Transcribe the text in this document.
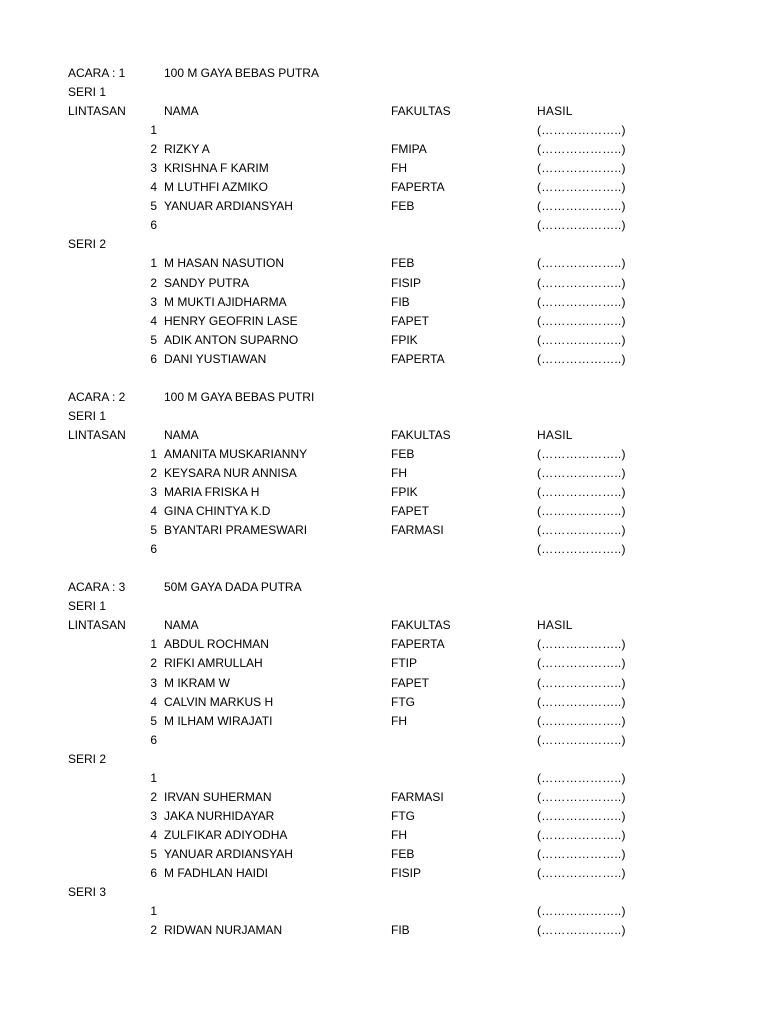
ACARA : 1	100 M GAYA BEBAS PUTRA
SERI 1
LINTASAN	NAMA	FAKULTAS	HASIL
1	(………………..)
2 RIZKY A	FMIPA	(………………..)
3 KRISHNA F KARIM	FH	(………………..)
4 M LUTHFI AZMIKO	FAPERTA	(………………..)
5 YANUAR ARDIANSYAH	FEB	(………………..)
6	(………………..)
SERI 2
1 M HASAN NASUTION	FEB	(………………..)
2 SANDY PUTRA	FISIP	(………………..)
3 M MUKTI AJIDHARMA	FIB	(………………..)
4 HENRY GEOFRIN LASE	FAPET	(………………..)
5 ADIK ANTON SUPARNO	FPIK	(………………..)
6 DANI YUSTIAWAN	FAPERTA	(………………..)
ACARA : 2	100 M GAYA BEBAS PUTRI
SERI 1
LINTASAN	NAMA	FAKULTAS	HASIL
1 AMANITA MUSKARIANNY	FEB	(………………..)
2 KEYSARA NUR ANNISA	FH	(………………..)
3 MARIA FRISKA H	FPIK	(………………..)
4 GINA CHINTYA K.D	FAPET	(………………..)
5 BYANTARI PRAMESWARI	FARMASI	(………………..)
6	(………………..)
ACARA : 3	50M GAYA DADA PUTRA
SERI 1
LINTASAN	NAMA	FAKULTAS	HASIL
1 ABDUL ROCHMAN	FAPERTA	(………………..)
2 RIFKI AMRULLAH	FTIP	(………………..)
3 M IKRAM W	FAPET	(………………..)
4 CALVIN MARKUS H	FTG	(………………..)
5 M ILHAM WIRAJATI	FH	(………………..)
6	(………………..)
SERI 2
1	(………………..)
2 IRVAN SUHERMAN	FARMASI	(………………..)
3 JAKA NURHIDAYAR	FTG	(………………..)
4 ZULFIKAR ADIYODHA	FH	(………………..)
5 YANUAR ARDIANSYAH	FEB	(………………..)
6 M FADHLAN HAIDI	FISIP	(………………..)
SERI 3
1	(………………..)
2 RIDWAN NURJAMAN	FIB	(………………..)
